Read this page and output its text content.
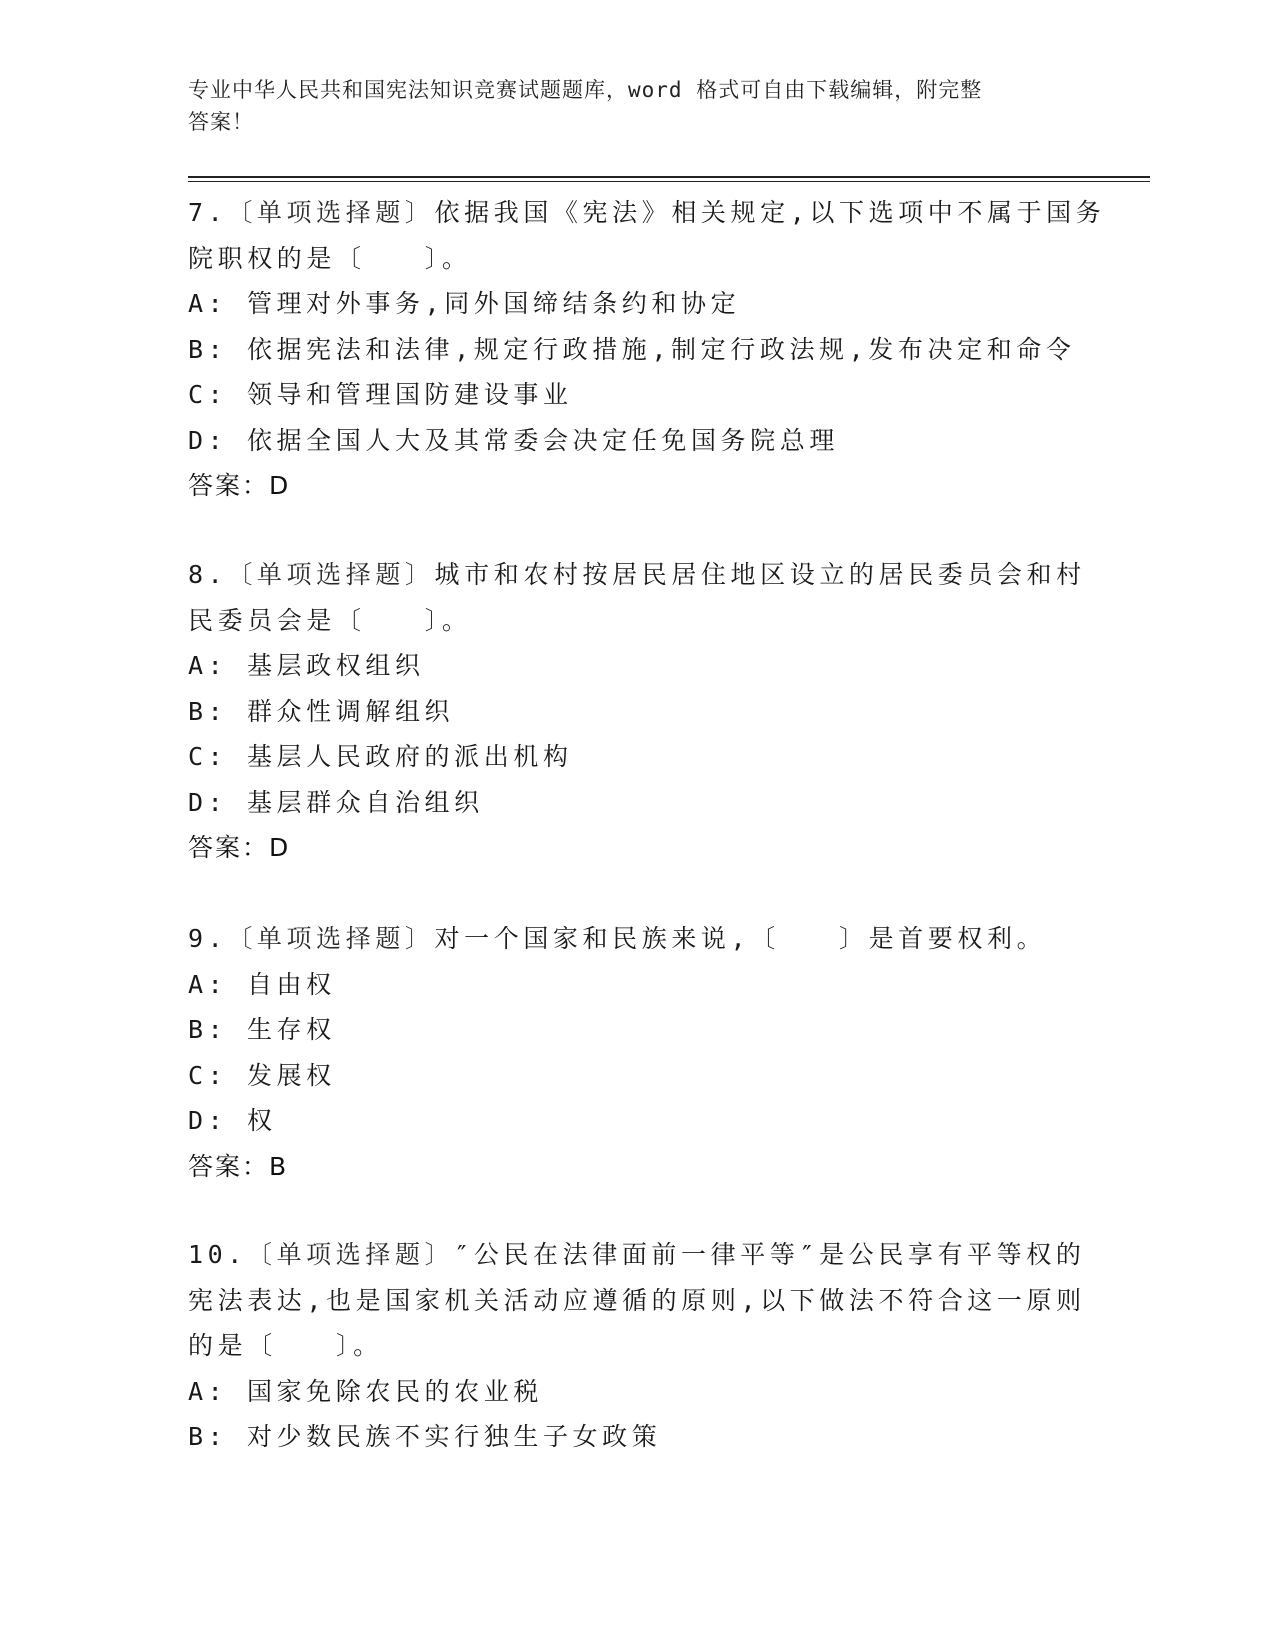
专业中华人民共和国宪法知识竞赛试题题库，word 格式可自由下载编辑，附完整
答案！
7.〔单项选择题〕依据我国《宪法》相关规定,以下选项中不属于国务
院职权的是〔　　〕。
A: 管理对外事务,同外国缔结条约和协定
B: 依据宪法和法律,规定行政措施,制定行政法规,发布决定和命令
C: 领导和管理国防建设事业
D: 依据全国人大及其常委会决定任免国务院总理
答案：D
8.〔单项选择题〕城市和农村按居民居住地区设立的居民委员会和村
民委员会是〔　　〕。
A: 基层政权组织
B: 群众性调解组织
C: 基层人民政府的派出机构
D: 基层群众自治组织
答案：D
9.〔单项选择题〕对一个国家和民族来说,〔　　〕是首要权利。
A: 自由权
B: 生存权
C: 发展权
D: 权
答案：B
10.〔单项选择题〕″公民在法律面前一律平等″是公民享有平等权的
宪法表达,也是国家机关活动应遵循的原则,以下做法不符合这一原则
的是〔　　〕。
A: 国家免除农民的农业税
B: 对少数民族不实行独生子女政策
